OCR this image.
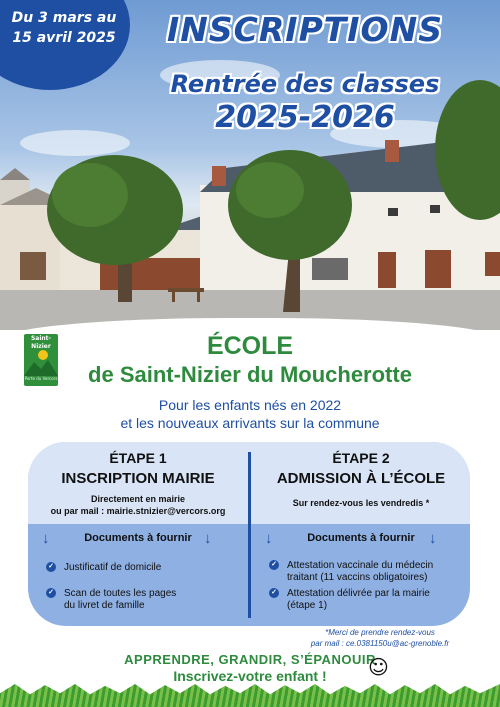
Du 3 mars au
15 avril 2025	INSCRIPTIONS
Rentrée des classes
2025-2026
Saint-Nizier
Porte du Vercors
ÉCOLE
de Saint-Nizier du Moucherotte
Pour les enfants nés en 2022
et les nouveaux arrivants sur la commune
ÉTAPE 1
INSCRIPTION MAIRIE
Directement en mairie
ou par mail : mairie.stnizier@vercors.org
↓	Documents à fournir ↓
✓ Justificatif de domicile
✓ Scan de toutes les pages
du livret de famille
ÉTAPE 2
ADMISSION À L’ÉCOLE
Sur rendez-vous les vendredis *
↓	Documents à fournir ↓
✓ Attestation vaccinale du médecin
traitant (11 vaccins obligatoires)
✓ Attestation délivrée par la mairie
(étape 1)
*Merci de prendre rendez-vous
par mail : ce.0381150u@ac-grenoble.fr
APPRENDRE, GRANDIR, S’ÉPANOUIR
Inscrivez-votre enfant !	☺
